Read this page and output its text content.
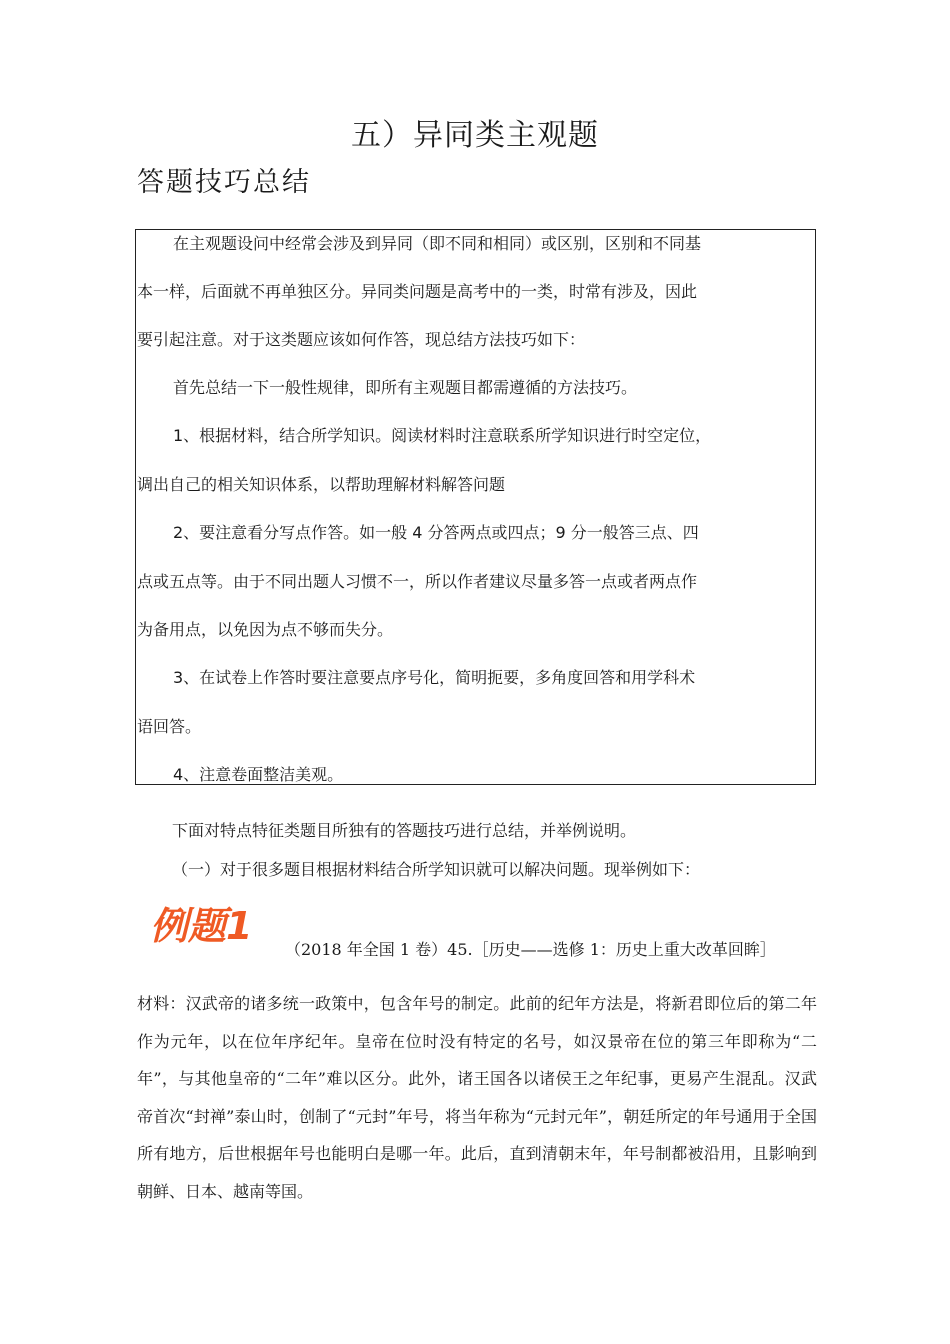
五）异同类主观题
答题技巧总结

在主观题设问中经常会涉及到异同（即不同和相同）或区别，区别和不同基

本一样，后面就不再单独区分。异同类问题是高考中的一类，时常有涉及，因此

要引起注意。对于这类题应该如何作答，现总结方法技巧如下：

首先总结一下一般性规律，即所有主观题目都需遵循的方法技巧。

1、根据材料，结合所学知识。阅读材料时注意联系所学知识进行时空定位，

调出自己的相关知识体系，以帮助理解材料解答问题

2、要注意看分写点作答。如一般 4 分答两点或四点；9 分一般答三点、四

点或五点等。由于不同出题人习惯不一，所以作者建议尽量多答一点或者两点作

为备用点，以免因为点不够而失分。

3、在试卷上作答时要注意要点序号化，简明扼要，多角度回答和用学科术

语回答。

4、注意卷面整洁美观。

下面对特点特征类题目所独有的答题技巧进行总结，并举例说明。

（一）对于很多题目根据材料结合所学知识就可以解决问题。现举例如下：

例题1

（2018 年全国 1 卷）45.［历史——选修 1：历史上重大改革回眸］

材料：汉武帝的诸多统一政策中，包含年号的制定。此前的纪年方法是，将新君即位后的第二年作为元年，以在位年序纪年。皇帝在位时没有特定的名号，如汉景帝在位的第三年即称为“二年”，与其他皇帝的“二年”难以区分。此外，诸王国各以诸侯王之年纪事，更易产生混乱。汉武帝首次“封禅”泰山时，创制了“元封”年号，将当年称为“元封元年”，朝廷所定的年号通用于全国所有地方，后世根据年号也能明白是哪一年。此后，直到清朝末年，年号制都被沿用，且影响到朝鲜、日本、越南等国。
